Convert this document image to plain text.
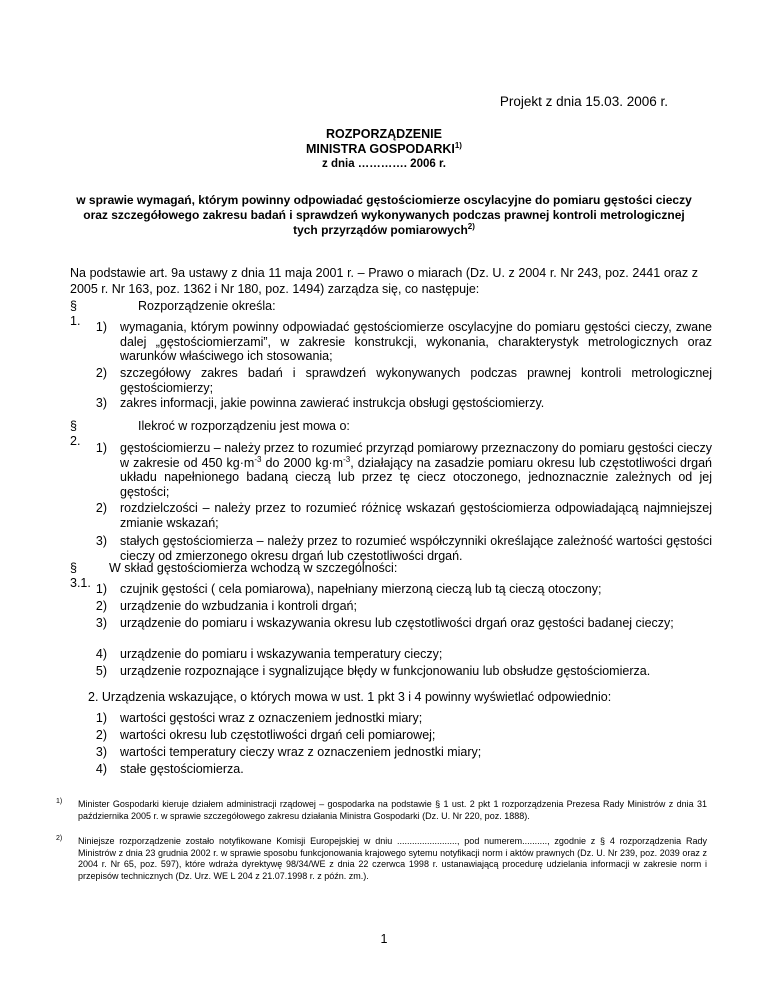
Projekt z dnia 15.03. 2006 r.
ROZPORZĄDZENIE
MINISTRA GOSPODARKI$^{1)}$
z dnia …………. 2006 r.
w sprawie wymagań, którym powinny odpowiadać gęstościomierze oscylacyjne do pomiaru gęstości cieczy oraz szczegółowego zakresu badań i sprawdzeń wykonywanych podczas prawnej kontroli metrologicznej tych przyrządów pomiarowych$^{2)}$
Na podstawie art. 9a ustawy z dnia 11 maja 2001 r. – Prawo o miarach (Dz. U. z 2004 r. Nr 243, poz. 2441 oraz z 2005 r. Nr 163, poz. 1362 i Nr 180, poz. 1494) zarządza się, co następuje:
§ 1.
Rozporządzenie określa:
1) wymagania, którym powinny odpowiadać gęstościomierze oscylacyjne do pomiaru gęstości cieczy, zwane dalej „gęstościomierzami”, w zakresie konstrukcji, wykonania, charakterystyk metrologicznych oraz warunków właściwego ich stosowania;
2) szczegółowy zakres badań i sprawdzeń wykonywanych podczas prawnej kontroli metrologicznej gęstościomierzy;
3) zakres informacji, jakie powinna zawierać instrukcja obsługi gęstościomierzy.
§ 2.
Ilekroć w rozporządzeniu jest mowa o:
1) gęstościomierzu – należy przez to rozumieć przyrząd pomiarowy przeznaczony do pomiaru gęstości cieczy w zakresie od 450 $kg\cdot m^{-3}$ do 2000 $kg\cdot m^{-3}$, działający na zasadzie pomiaru okresu lub częstotliwości drgań układu napełnionego badaną cieczą lub przez tę ciecz otoczonego, jednoznacznie zależnych od jej gęstości;
2) rozdzielczości – należy przez to rozumieć różnicę wskazań gęstościomierza odpowiadającą najmniejszej zmianie wskazań;
3) stałych gęstościomierza – należy przez to rozumieć współczynniki określające zależność wartości gęstości cieczy od zmierzonego okresu drgań lub częstotliwości drgań.
§ 3.1.
W skład gęstościomierza wchodzą w szczególności:
1) czujnik gęstości ( cela pomiarowa), napełniany mierzoną cieczą lub tą cieczą otoczony;
2) urządzenie do wzbudzania i kontroli drgań;
3) urządzenie do pomiaru i wskazywania okresu lub częstotliwości drgań oraz gęstości badanej cieczy;
4) urządzenie do pomiaru i wskazywania temperatury cieczy;
5) urządzenie rozpoznające i sygnalizujące błędy w funkcjonowaniu lub obsłudze gęstościomierza.
2. Urządzenia wskazujące, o których mowa w ust. 1 pkt 3 i 4 powinny wyświetlać odpowiednio:
1) wartości gęstości wraz z oznaczeniem jednostki miary;
2) wartości okresu lub częstotliwości drgań celi pomiarowej;
3) wartości temperatury cieczy wraz z oznaczeniem jednostki miary;
4) stałe gęstościomierza.
1)	Minister Gospodarki kieruje działem administracji rządowej – gospodarka na podstawie § 1 ust. 2 pkt 1 rozporządzenia Prezesa Rady Ministrów z dnia 31 października 2005 r. w sprawie szczegółowego zakresu działania Ministra Gospodarki (Dz. U. Nr 220, poz. 1888).
2)	Niniejsze rozporządzenie zostało notyfikowane Komisji Europejskiej w dniu ........................, pod numerem.........., zgodnie z § 4 rozporządzenia Rady Ministrów z dnia 23 grudnia 2002 r. w sprawie sposobu funkcjonowania krajowego sytemu notyfikacji norm i aktów prawnych (Dz. U. Nr 239, poz. 2039 oraz z 2004 r. Nr 65, poz. 597), które wdraża dyrektywę 98/34/WE z dnia 22 czerwca 1998 r. ustanawiającą procedurę udzielania informacji w zakresie norm i przepisów technicznych (Dz. Urz. WE L 204 z 21.07.1998 r. z późn. zm.).
1
